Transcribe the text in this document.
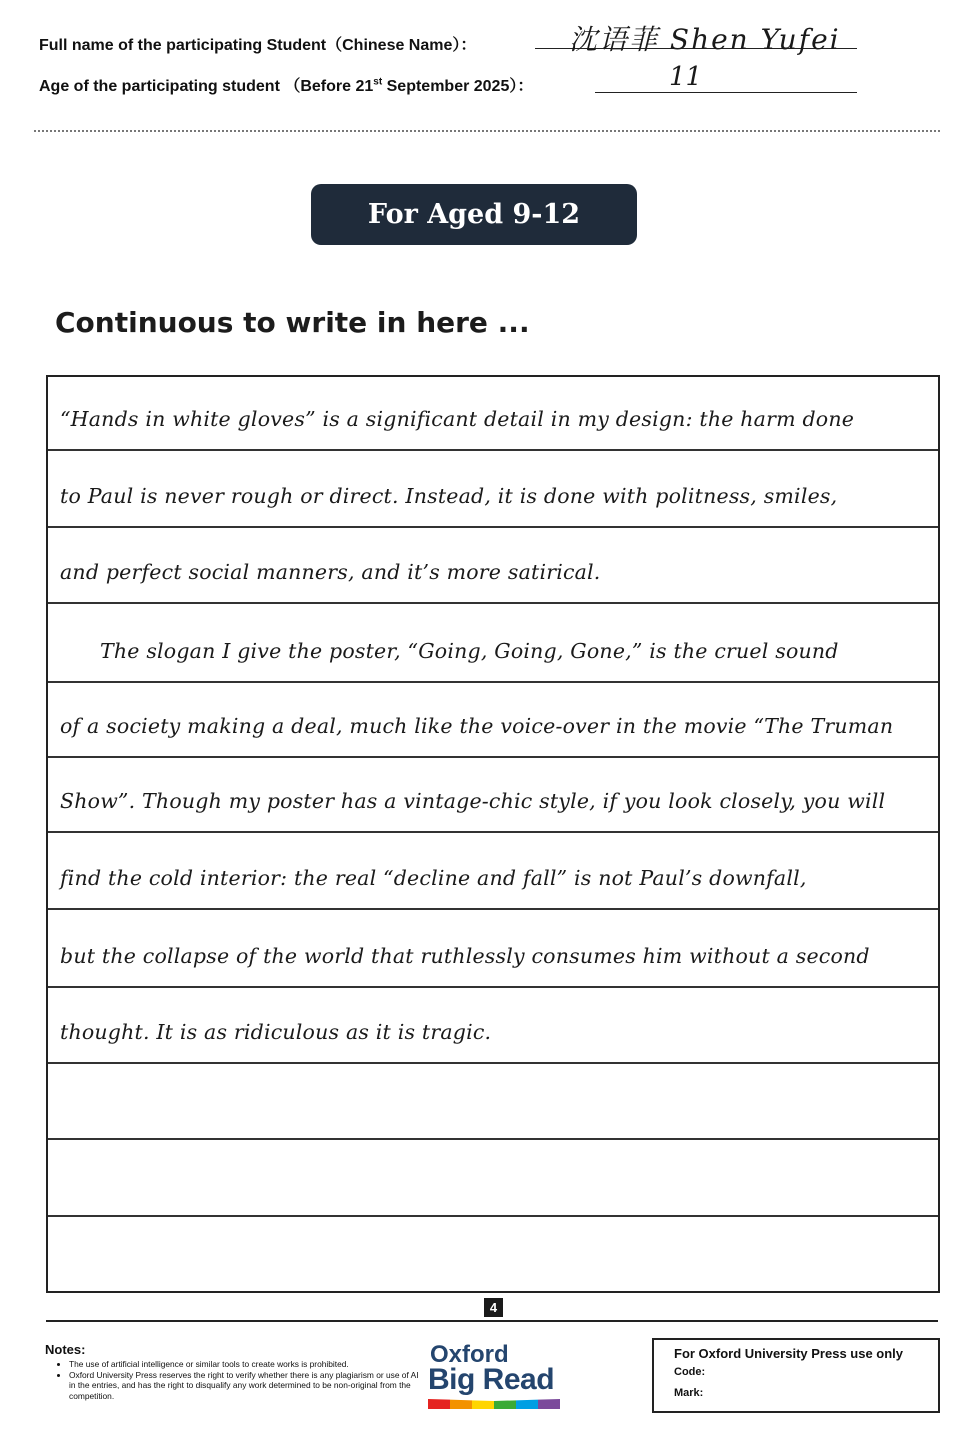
Full name of the participating Student（Chinese Name）：	沈语菲 Shen Yufei
Age of the participating student （Before 21st September 2025）：	11
For Aged 9-12
Continuous to write in here ...
“Hands in white gloves” is a significant detail in my design: the harm done
to Paul is never rough or direct. Instead, it is done with politness, smiles,
and perfect social manners, and it’s more satirical.
The slogan I give the poster, “Going, Going, Gone,” is the cruel sound
of a society making a deal, much like the voice-over in the movie “The Truman
Show”. Though my poster has a vintage-chic style, if you look closely, you will
find the cold interior: the real “decline and fall” is not Paul’s downfall,
but the collapse of the world that ruthlessly consumes him without a second
thought. It is as ridiculous as it is tragic.
4
Notes:
• The use of artificial intelligence or similar tools to create works is prohibited.
• Oxford University Press reserves the right to verify whether there is any plagiarism or use of AI in the entries, and has the right to disqualify any work determined to be non-original from the competition.
Oxford
Big Read
For Oxford University Press use only
Code:
Mark:
